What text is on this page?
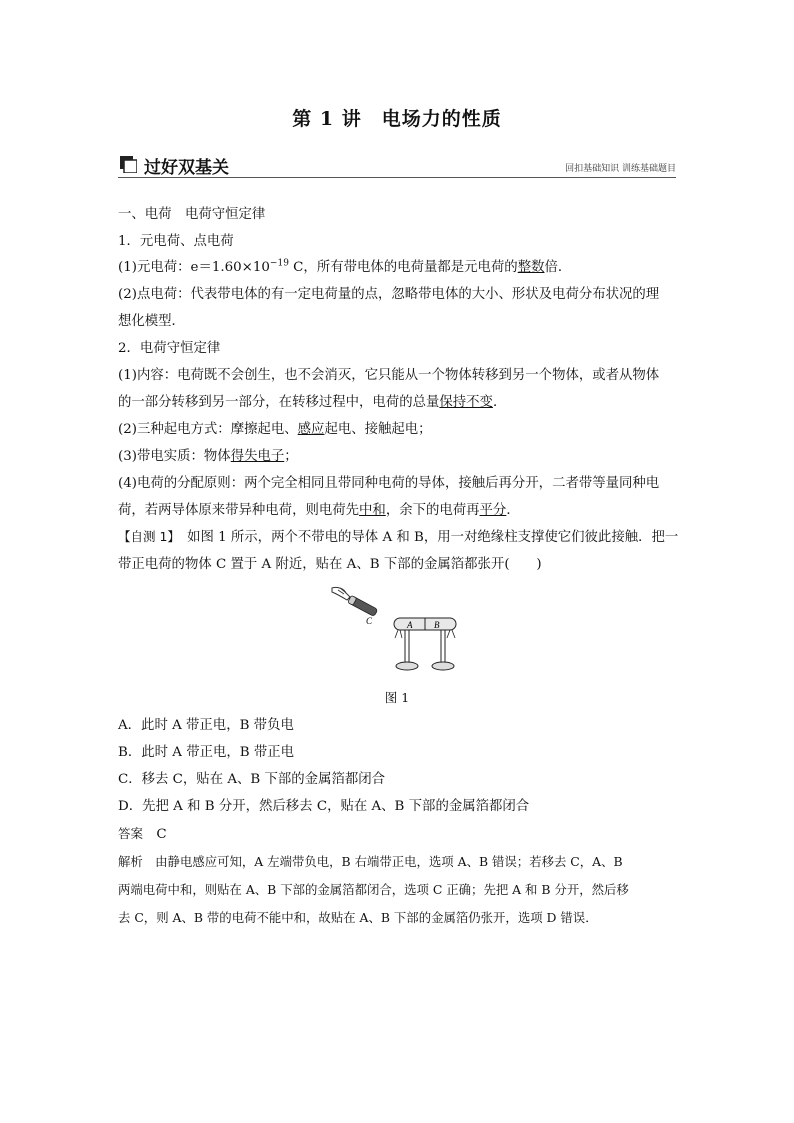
第 1 讲　电场力的性质
过好双基关	回扣基础知识 训练基础题目
一、电荷　电荷守恒定律
1．元电荷、点电荷
(1)元电荷：$e=1.60\times 10^{-19}$ C，所有带电体的电荷量都是元电荷的整数倍．
(2)点电荷：代表带电体的有一定电荷量的点，忽略带电体的大小、形状及电荷分布状况的理
想化模型．
2．电荷守恒定律
(1)内容：电荷既不会创生，也不会消灭，它只能从一个物体转移到另一个物体，或者从物体
的一部分转移到另一部分，在转移过程中，电荷的总量保持不变．
(2)三种起电方式：摩擦起电、感应起电、接触起电；
(3)带电实质：物体得失电子；
(4)电荷的分配原则：两个完全相同且带同种电荷的导体，接触后再分开，二者带等量同种电
荷，若两导体原来带异种电荷，则电荷先中和，余下的电荷再平分．
【自测 1】　 如图 1 所示，两个不带电的导体 A 和 B，用一对绝缘柱支撑使它们彼此接触．把一
带正电荷的物体 C 置于 A 附近，贴在 A、B 下部的金属箔都张开(　　)
C	A B
图 1
A．此时 A 带正电，B 带负电
B．此时 A 带正电，B 带正电
C．移去 C，贴在 A、B 下部的金属箔都闭合
D．先把 A 和 B 分开，然后移去 C，贴在 A、B 下部的金属箔都闭合
答案　 C
解析　 由静电感应可知，A 左端带负电，B 右端带正电，选项 A、B 错误；若移去 C，A、B
两端电荷中和，则贴在 A、B 下部的金属箔都闭合，选项 C 正确；先把 A 和 B 分开，然后移
去 C，则 A、B 带的电荷不能中和，故贴在 A、B 下部的金属箔仍张开，选项 D 错误．
